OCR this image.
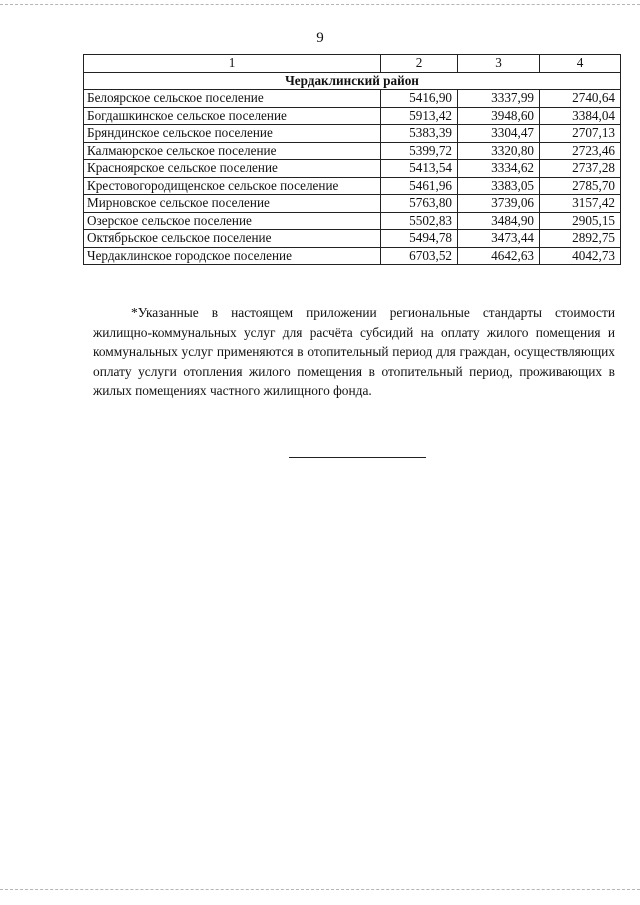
9
1	2	3	4
Чердаклинский район			
Белоярское сельское поселение	5416,90	3337,99	2740,64
Богдашкинское сельское поселение	5913,42	3948,60	3384,04
Бряндинское сельское поселение	5383,39	3304,47	2707,13
Калмаюрское сельское поселение	5399,72	3320,80	2723,46
Красноярское сельское поселение	5413,54	3334,62	2737,28
Крестовогородищенское сельское поселение	5461,96	3383,05	2785,70
Мирновское сельское поселение	5763,80	3739,06	3157,42
Озерское сельское поселение	5502,83	3484,90	2905,15
Октябрьское сельское поселение	5494,78	3473,44	2892,75
Чердаклинское городское поселение	6703,52	4642,63	4042,73

*Указанные в настоящем приложении региональные стандарты стоимости жилищно-коммунальных услуг для расчёта субсидий на оплату жилого помещения и коммунальных услуг применяются в отопительный период для граждан, осуществляющих оплату услуги отопления жилого помещения в отопительный период, проживающих в жилых помещениях частного жилищного фонда.
